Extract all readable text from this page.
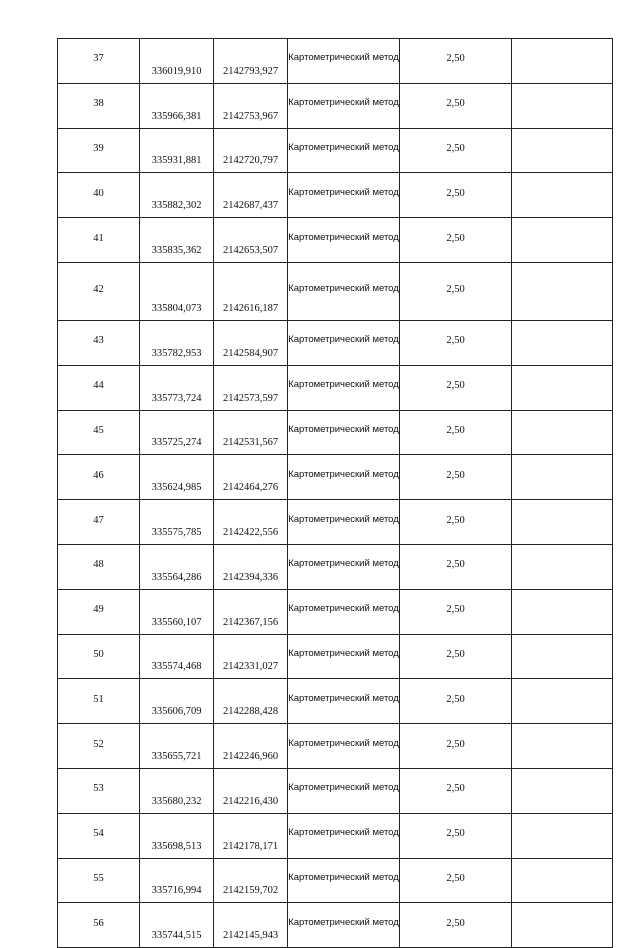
37	336019,910	2142793,927	Картометрический метод	2,50	
38	335966,381	2142753,967	Картометрический метод	2,50	
39	335931,881	2142720,797	Картометрический метод	2,50	
40	335882,302	2142687,437	Картометрический метод	2,50	
41	335835,362	2142653,507	Картометрический метод	2,50	
42	335804,073	2142616,187	Картометрический метод	2,50	
43	335782,953	2142584,907	Картометрический метод	2,50	
44	335773,724	2142573,597	Картометрический метод	2,50	
45	335725,274	2142531,567	Картометрический метод	2,50	
46	335624,985	2142464,276	Картометрический метод	2,50	
47	335575,785	2142422,556	Картометрический метод	2,50	
48	335564,286	2142394,336	Картометрический метод	2,50	
49	335560,107	2142367,156	Картометрический метод	2,50	
50	335574,468	2142331,027	Картометрический метод	2,50	
51	335606,709	2142288,428	Картометрический метод	2,50	
52	335655,721	2142246,960	Картометрический метод	2,50	
53	335680,232	2142216,430	Картометрический метод	2,50	
54	335698,513	2142178,171	Картометрический метод	2,50	
55	335716,994	2142159,702	Картометрический метод	2,50	
56	335744,515	2142145,943	Картометрический метод	2,50	
